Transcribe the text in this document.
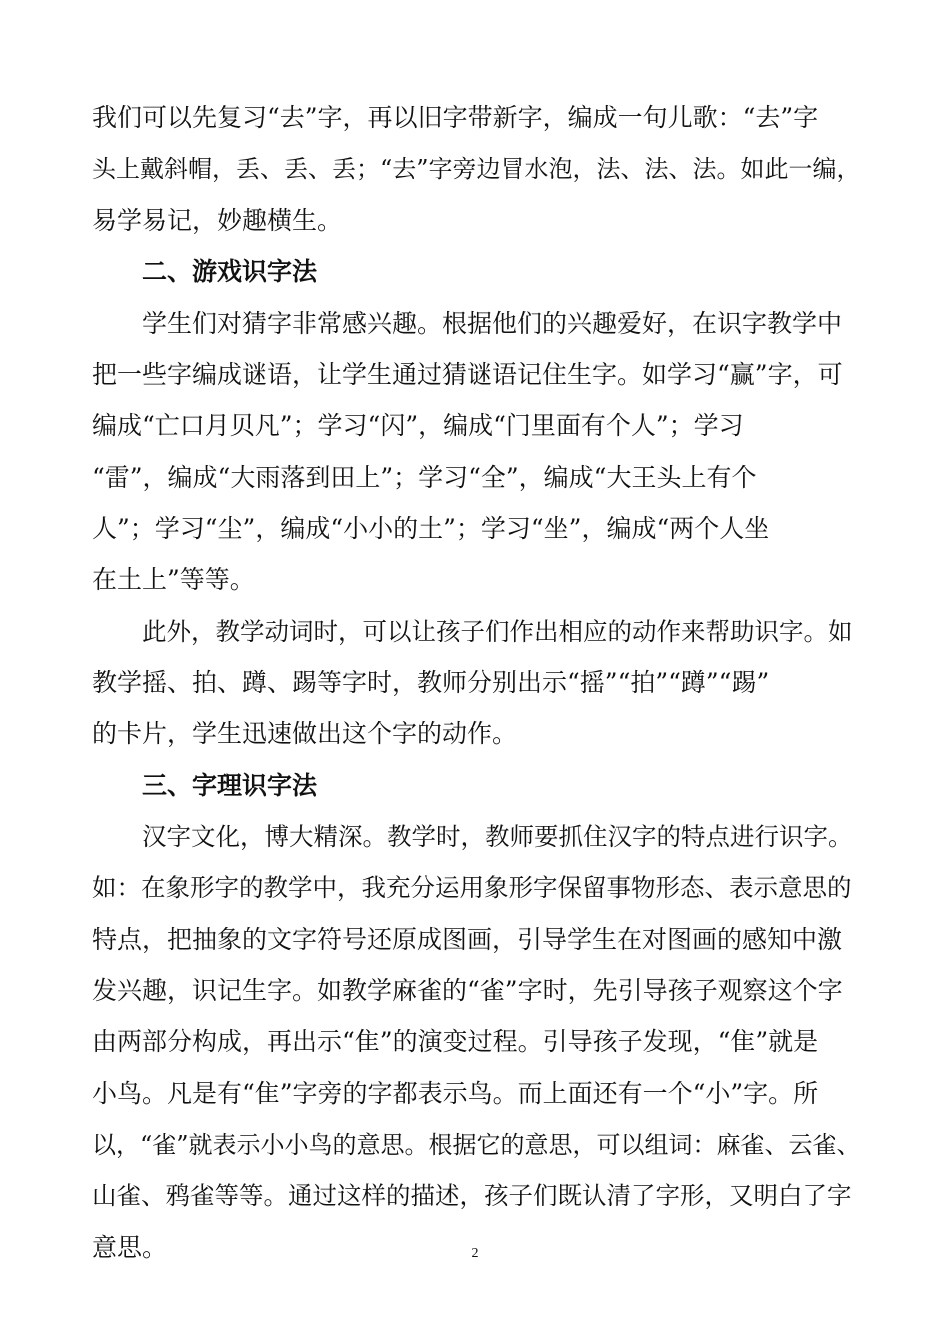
我们可以先复习“去”字，再以旧字带新字，编成一句儿歌：“去”字
头上戴斜帽，丢、丢、丢；“去”字旁边冒水泡，法、法、法。如此一编，
易学易记，妙趣横生。
二、游戏识字法
学生们对猜字非常感兴趣。根据他们的兴趣爱好，在识字教学中
把一些字编成谜语，让学生通过猜谜语记住生字。如学习“赢”字，可
编成“亡口月贝凡”；学习“闪”，编成“门里面有个人”；学习
“雷”，编成“大雨落到田上”；学习“全”，编成“大王头上有个
人”；学习“尘”，编成“小小的土”；学习“坐”，编成“两个人坐
在土上”等等。
此外，教学动词时，可以让孩子们作出相应的动作来帮助识字。如
教学摇、拍、蹲、踢等字时，教师分别出示“摇”“拍”“蹲”“踢”
的卡片，学生迅速做出这个字的动作。
三、字理识字法
汉字文化，博大精深。教学时，教师要抓住汉字的特点进行识字。
如：在象形字的教学中，我充分运用象形字保留事物形态、表示意思的
特点，把抽象的文字符号还原成图画，引导学生在对图画的感知中激
发兴趣，识记生字。如教学麻雀的“雀”字时，先引导孩子观察这个字
由两部分构成，再出示“隹”的演变过程。引导孩子发现，“隹”就是
小鸟。凡是有“隹”字旁的字都表示鸟。而上面还有一个“小”字。所
以，“雀”就表示小小鸟的意思。根据它的意思，可以组词：麻雀、云雀、
山雀、鸦雀等等。通过这样的描述，孩子们既认清了字形，又明白了字
意思。	2
